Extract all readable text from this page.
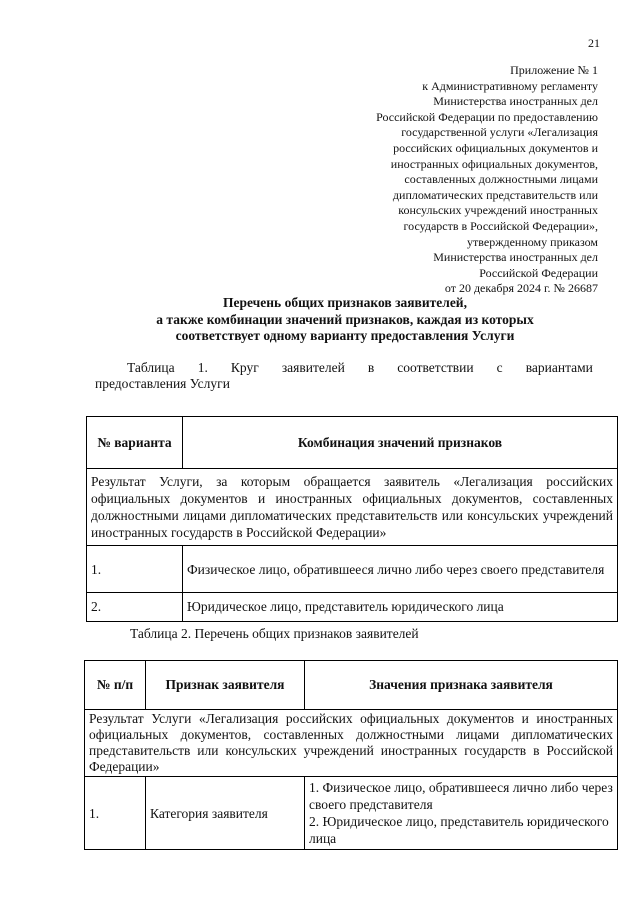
21
Приложение № 1
к Административному регламенту
Министерства иностранных дел
Российской Федерации по предоставлению
государственной услуги «Легализация
российских официальных документов и
иностранных официальных документов,
составленных должностными лицами
дипломатических представительств или
консульских учреждений иностранных
государств в Российской Федерации»,
утвержденному приказом
Министерства иностранных дел
Российской Федерации
от 20 декабря 2024 г. № 26687
Перечень общих признаков заявителей,
а также комбинации значений признаков, каждая из которых
соответствует одному варианту предоставления Услуги
Таблица 1. Круг заявителей в соответствии с вариантами
предоставления Услуги
№ варианта	Комбинация значений признаков
Результат Услуги, за которым обращается заявитель «Легализация российских официальных документов и иностранных официальных документов, составленных должностными лицами дипломатических представительств или консульских учреждений иностранных государств в Российской Федерации»	
1.	Физическое лицо, обратившееся лично либо через своего представителя
2.	Юридическое лицо, представитель юридического лица
Таблица 2. Перечень общих признаков заявителей
№ п/п	Признак заявителя	Значения признака заявителя
Результат Услуги «Легализация российских официальных документов и иностранных официальных документов, составленных должностными лицами дипломатических представительств или консульских учреждений иностранных государств в Российской Федерации»		
1.	Категория заявителя	1. Физическое лицо, обратившееся лично либо через своего представителя
2. Юридическое лицо, представитель юридического лица
